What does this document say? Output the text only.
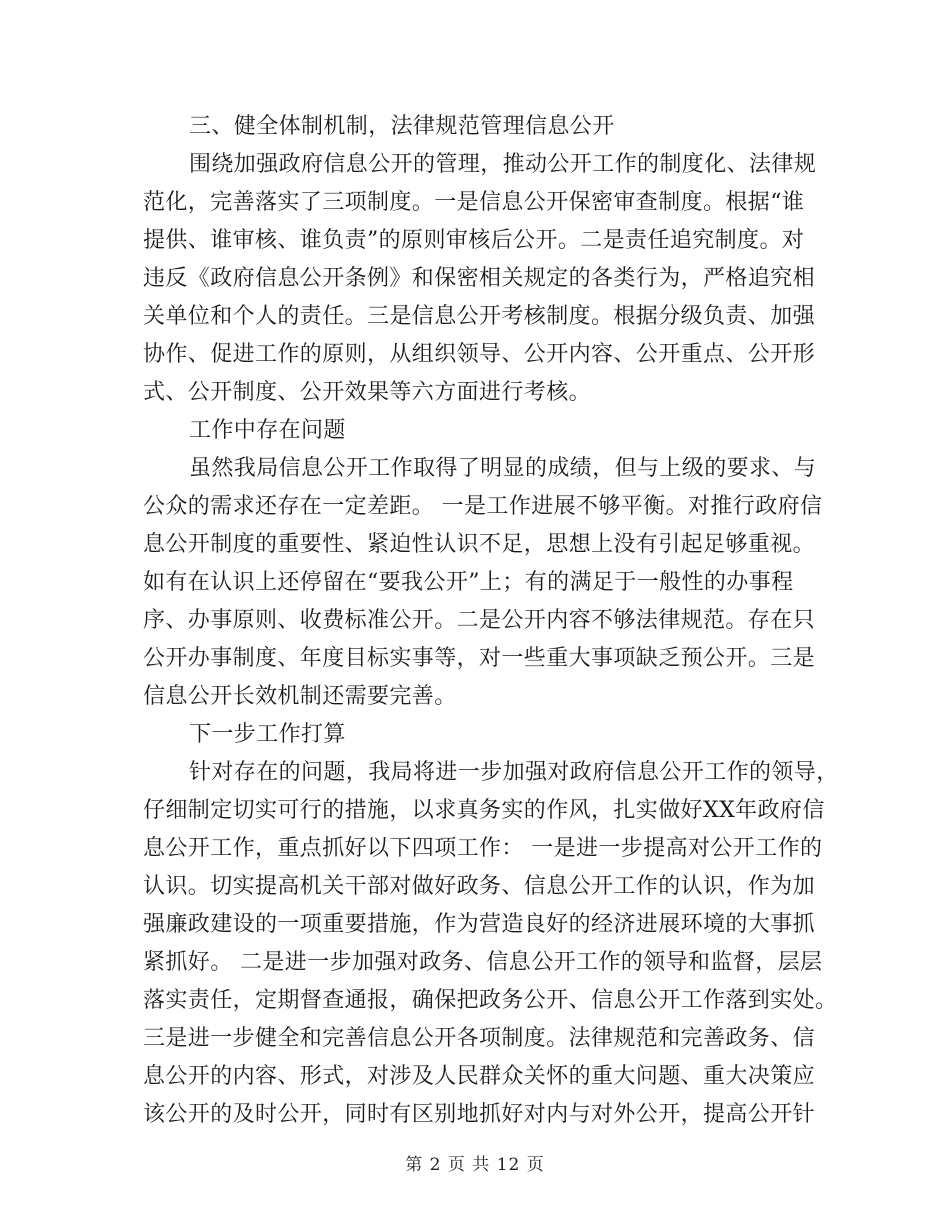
三、健全体制机制，法律规范管理信息公开
围绕加强政府信息公开的管理，推动公开工作的制度化、法律规
范化，完善落实了三项制度。一是信息公开保密审查制度。根据“谁
提供、谁审核、谁负责”的原则审核后公开。二是责任追究制度。对
违反《政府信息公开条例》和保密相关规定的各类行为，严格追究相
关单位和个人的责任。三是信息公开考核制度。根据分级负责、加强
协作、促进工作的原则，从组织领导、公开内容、公开重点、公开形
式、公开制度、公开效果等六方面进行考核。
工作中存在问题
虽然我局信息公开工作取得了明显的成绩，但与上级的要求、与
公众的需求还存在一定差距。 一是工作进展不够平衡。对推行政府信
息公开制度的重要性、紧迫性认识不足，思想上没有引起足够重视。
如有在认识上还停留在“要我公开”上；有的满足于一般性的办事程
序、办事原则、收费标准公开。二是公开内容不够法律规范。存在只
公开办事制度、年度目标实事等，对一些重大事项缺乏预公开。三是
信息公开长效机制还需要完善。
下一步工作打算
针对存在的问题，我局将进一步加强对政府信息公开工作的领导，
仔细制定切实可行的措施，以求真务实的作风，扎实做好XX年政府信
息公开工作，重点抓好以下四项工作： 一是进一步提高对公开工作的
认识。切实提高机关干部对做好政务、信息公开工作的认识，作为加
强廉政建设的一项重要措施，作为营造良好的经济进展环境的大事抓
紧抓好。 二是进一步加强对政务、信息公开工作的领导和监督，层层
落实责任，定期督查通报，确保把政务公开、信息公开工作落到实处。
三是进一步健全和完善信息公开各项制度。法律规范和完善政务、信
息公开的内容、形式，对涉及人民群众关怀的重大问题、重大决策应
该公开的及时公开，同时有区别地抓好对内与对外公开，提高公开针
第 2 页 共 12 页
